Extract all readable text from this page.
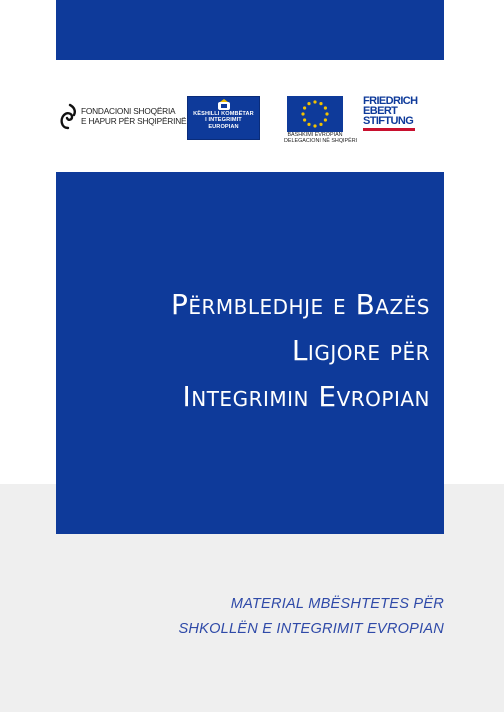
FONDACIONI SHOQËRIA
E HAPUR PËR SHQIPËRINË
KËSHILLI KOMBËTAR
I INTEGRIMIT
EUROPIAN
BASHKIMI EVROPIAN
DELEGACIONI NË SHQIPËRI
FRIEDRICH
EBERT
STIFTUNG
Përmbledhje e Bazës
Ligjore për
Integrimin Evropian

MATERIAL MBËSHTETES PËR
SHKOLLËN E INTEGRIMIT EVROPIAN
